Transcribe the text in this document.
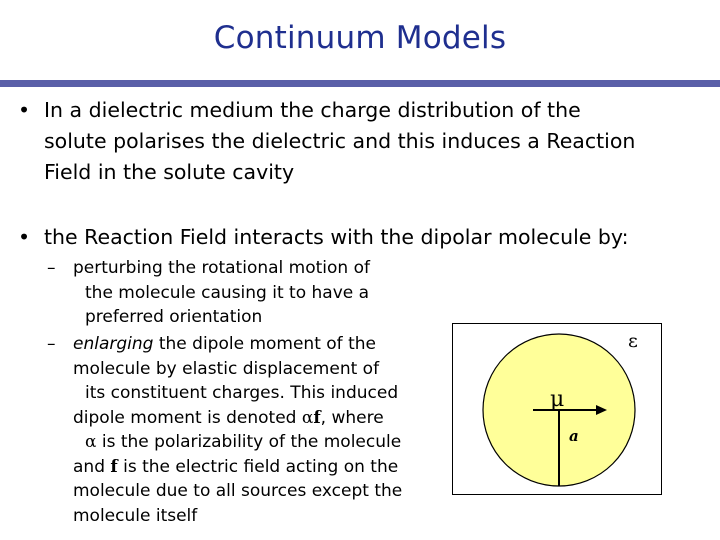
Continuum Models
• In a dielectric medium the charge distribution of the
solute polarises the dielectric and this induces a Reaction
Field in the solute cavity
• the Reaction Field interacts with the dipolar molecule by:
– perturbing the rotational motion of
the molecule causing it to have a
preferred orientation
– enlarging the dipole moment of the
molecule by elastic displacement of
its constituent charges. This induced
dipole moment is denoted αf, where
α is the polarizability of the molecule
and f is the electric field acting on the
molecule due to all sources except the
molecule itself
ε
μ
a
